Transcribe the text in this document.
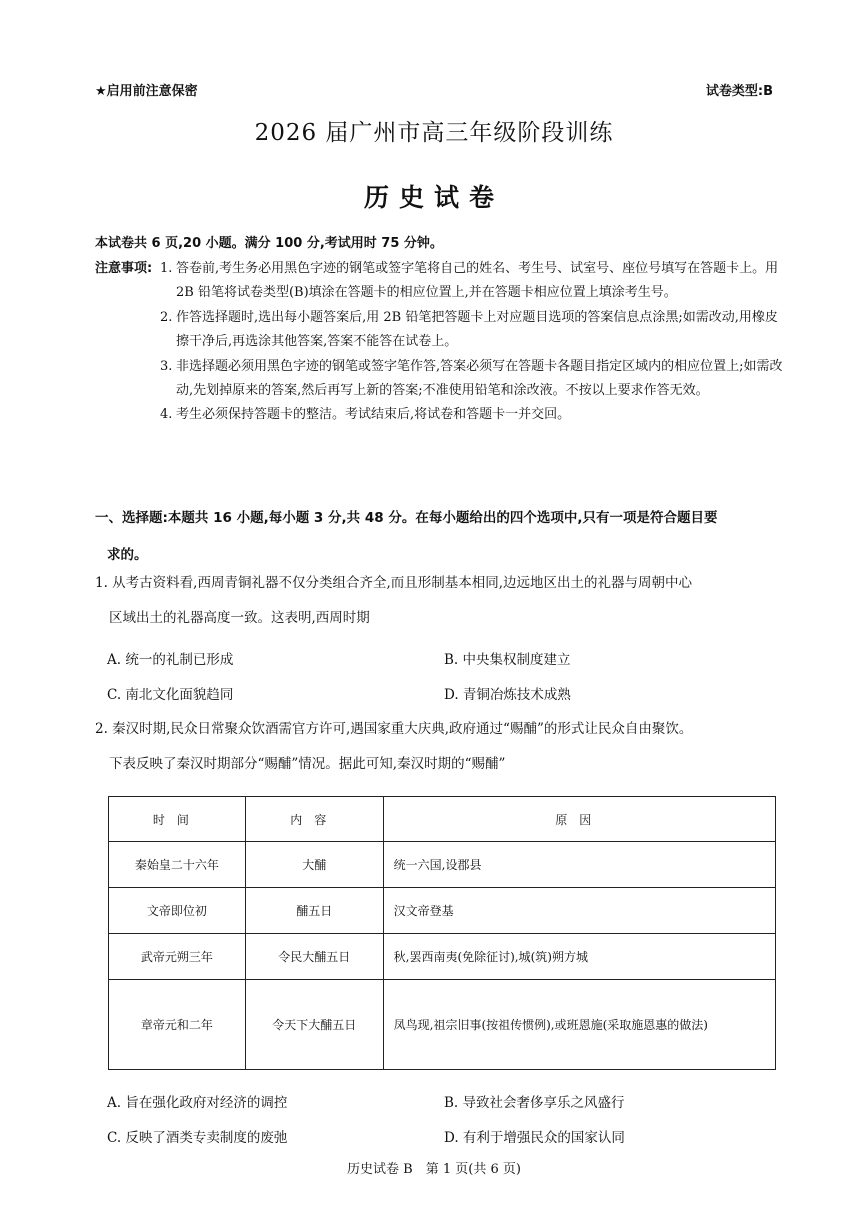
★启用前注意保密	试卷类型:B
2026 届广州市高三年级阶段训练
历史试卷
本试卷共 6 页,20 小题。满分 100 分,考试用时 75 分钟。
注意事项: 1. 答卷前,考生务必用黑色字迹的钢笔或签字笔将自己的姓名、考生号、试室号、座位号填写在答题卡上。用 2B 铅笔将试卷类型(B)填涂在答题卡的相应位置上,并在答题卡相应位置上填涂考生号。
2. 作答选择题时,选出每小题答案后,用 2B 铅笔把答题卡上对应题目选项的答案信息点涂黑;如需改动,用橡皮擦干净后,再选涂其他答案,答案不能答在试卷上。
3. 非选择题必须用黑色字迹的钢笔或签字笔作答,答案必须写在答题卡各题目指定区域内的相应位置上;如需改动,先划掉原来的答案,然后再写上新的答案;不准使用铅笔和涂改液。不按以上要求作答无效。
4. 考生必须保持答题卡的整洁。考试结束后,将试卷和答题卡一并交回。
一、选择题:本题共 16 小题,每小题 3 分,共 48 分。在每小题给出的四个选项中,只有一项是符合题目要
求的。
1. 从考古资料看,西周青铜礼器不仅分类组合齐全,而且形制基本相同,边远地区出土的礼器与周朝中心
区域出土的礼器高度一致。这表明,西周时期
A. 统一的礼制已形成	B. 中央集权制度建立
C. 南北文化面貌趋同	D. 青铜冶炼技术成熟
2. 秦汉时期,民众日常聚众饮酒需官方许可,遇国家重大庆典,政府通过“赐酺”的形式让民众自由聚饮。
下表反映了秦汉时期部分“赐酺”情况。据此可知,秦汉时期的“赐酺”
时间	内容	原因
秦始皇二十六年	大酺	统一六国,设郡县
文帝即位初	酺五日	汉文帝登基
武帝元朔三年	令民大酺五日	秋,罢西南夷(免除征讨),城(筑)朔方城
章帝元和二年	令天下大酺五日	凤鸟现,祖宗旧事(按祖传惯例),或班恩施(采取施恩惠的做法)
A. 旨在强化政府对经济的调控	B. 导致社会奢侈享乐之风盛行
C. 反映了酒类专卖制度的废弛	D. 有利于增强民众的国家认同
历史试卷 B　第 1 页(共 6 页)
